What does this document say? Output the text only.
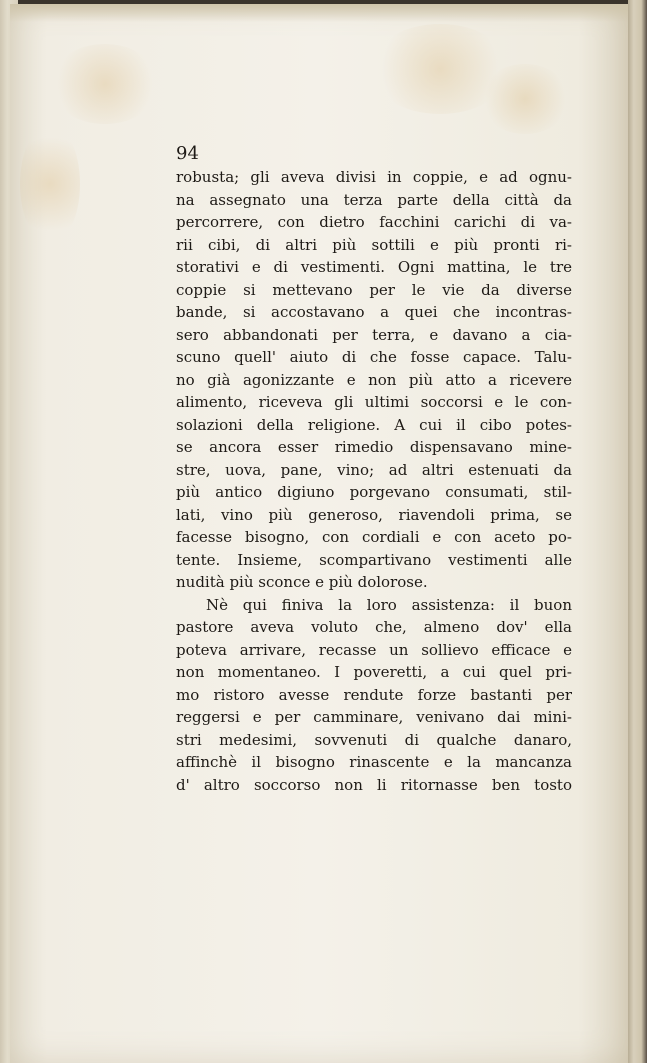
94
robusta; gli aveva divisi in coppie, e ad ognu-
na assegnato una terza parte della città da
percorrere, con dietro facchini carichi di va-
rii cibi, di altri più sottili e più pronti ri-
storativi e di vestimenti. Ogni mattina, le tre
coppie si mettevano per le vie da diverse
bande, si accostavano a quei che incontras-
sero abbandonati per terra, e davano a cia-
scuno quell' aiuto di che fosse capace. Talu-
no già agonizzante e non più atto a ricevere
alimento, riceveva gli ultimi soccorsi e le con-
solazioni della religione. A cui il cibo potes-
se ancora esser rimedio dispensavano mine-
stre, uova, pane, vino; ad altri estenuati da
più antico digiuno porgevano consumati, stil-
lati, vino più generoso, riavendoli prima, se
facesse bisogno, con cordiali e con aceto po-
tente. Insieme, scompartivano vestimenti alle
nudità più sconce e più dolorose.
Nè qui finiva la loro assistenza: il buon
pastore aveva voluto che, almeno dov' ella
poteva arrivare, recasse un sollievo efficace e
non momentaneo. I poveretti, a cui quel pri-
mo ristoro avesse rendute forze bastanti per
reggersi e per camminare, venivano dai mini-
stri medesimi, sovvenuti di qualche danaro,
affinchè il bisogno rinascente e la mancanza
d' altro soccorso non li ritornasse ben tosto
